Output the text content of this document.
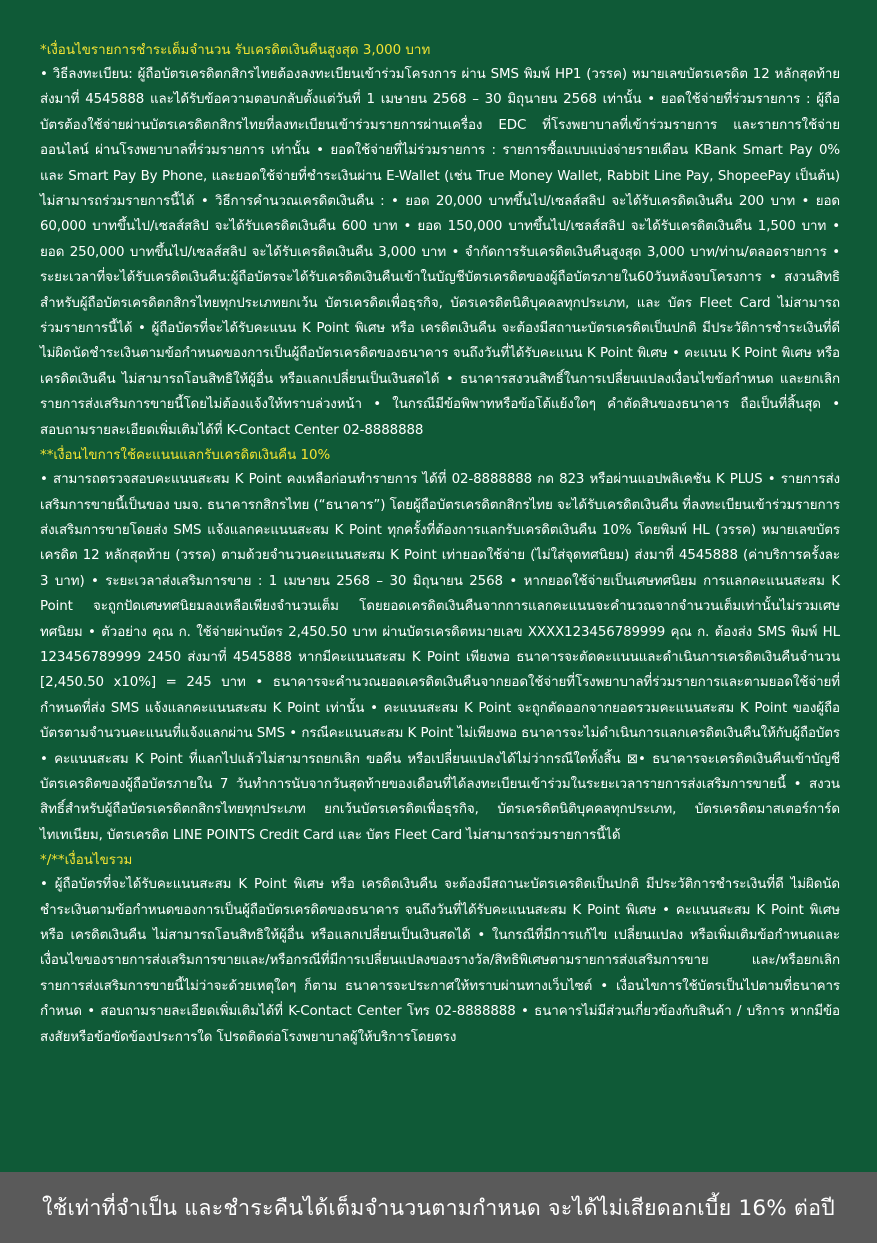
*เงื่อนไขรายการชำระเต็มจำนวน รับเครดิตเงินคืนสูงสุด 3,000 บาท

• วิธีลงทะเบียน: ผู้ถือบัตรเครดิตกสิกรไทยต้องลงทะเบียนเข้าร่วมโครงการ ผ่าน SMS พิมพ์ HP1 (วรรค) หมายเลขบัตรเครดิต 12 หลักสุดท้าย ส่งมาที่ 4545888 และได้รับข้อความตอบกลับตั้งแต่วันที่ 1 เมษายน 2568 – 30 มิถุนายน 2568 เท่านั้น • ยอดใช้จ่ายที่ร่วมรายการ : ผู้ถือบัตรต้องใช้จ่ายผ่านบัตรเครดิตกสิกรไทยที่ลงทะเบียนเข้าร่วมรายการผ่านเครื่อง EDC ที่โรงพยาบาลที่เข้าร่วมรายการ และรายการใช้จ่ายออนไลน์ ผ่านโรงพยาบาลที่ร่วมรายการ เท่านั้น • ยอดใช้จ่ายที่ไม่ร่วมรายการ : รายการซื้อแบบแบ่งจ่ายรายเดือน KBank Smart Pay 0% และ Smart Pay By Phone, และยอดใช้จ่ายที่ชำระเงินผ่าน E-Wallet (เช่น True Money Wallet, Rabbit Line Pay, ShopeePay เป็นต้น) ไม่สามารถร่วมรายการนี้ได้ • วิธีการคำนวณเครดิตเงินคืน : • ยอด 20,000 บาทขึ้นไป/เซลส์สลิป จะได้รับเครดิตเงินคืน 200 บาท • ยอด 60,000 บาทขึ้นไป/เซลส์สลิป จะได้รับเครดิตเงินคืน 600 บาท • ยอด 150,000 บาทขึ้นไป/เซลส์สลิป จะได้รับเครดิตเงินคืน 1,500 บาท • ยอด 250,000 บาทขึ้นไป/เซลส์สลิป จะได้รับเครดิตเงินคืน 3,000 บาท • จำกัดการรับเครดิตเงินคืนสูงสุด 3,000 บาท/ท่าน/ตลอดรายการ • ระยะเวลาที่จะได้รับเครดิตเงินคืน:ผู้ถือบัตรจะได้รับเครดิตเงินคืนเข้าในบัญชีบัตรเครดิตของผู้ถือบัตรภายใน60วันหลังจบโครงการ • สงวนสิทธิสำหรับผู้ถือบัตรเครดิตกสิกรไทยทุกประเภทยกเว้น บัตรเครดิตเพื่อธุรกิจ, บัตรเครดิตนิติบุคคลทุกประเภท, และ บัตร Fleet Card ไม่สามารถร่วมรายการนี้ได้ • ผู้ถือบัตรที่จะได้รับคะแนน K Point พิเศษ หรือ เครดิตเงินคืน จะต้องมีสถานะบัตรเครดิตเป็นปกติ มีประวัติการชำระเงินที่ดี ไม่ผิดนัดชำระเงินตามข้อกำหนดของการเป็นผู้ถือบัตรเครดิตของธนาคาร จนถึงวันที่ได้รับคะแนน K Point พิเศษ • คะแนน K Point พิเศษ หรือ เครดิตเงินคืน ไม่สามารถโอนสิทธิให้ผู้อื่น หรือแลกเปลี่ยนเป็นเงินสดได้ • ธนาคารสงวนสิทธิ์ในการเปลี่ยนแปลงเงื่อนไขข้อกำหนด และยกเลิกรายการส่งเสริมการขายนี้โดยไม่ต้องแจ้งให้ทราบล่วงหน้า • ในกรณีมีข้อพิพาทหรือข้อโต้แย้งใดๆ คำตัดสินของธนาคาร ถือเป็นที่สิ้นสุด • สอบถามรายละเอียดเพิ่มเติมได้ที่ K-Contact Center 02-8888888

**เงื่อนไขการใช้คะแนนแลกรับเครดิตเงินคืน 10%

• สามารถตรวจสอบคะแนนสะสม K Point คงเหลือก่อนทำรายการ ได้ที่ 02-8888888 กด 823 หรือผ่านแอปพลิเคชัน K PLUS • รายการส่งเสริมการขายนี้เป็นของ บมจ. ธนาคารกสิกรไทย (“ธนาคาร”) โดยผู้ถือบัตรเครดิตกสิกรไทย จะได้รับเครดิตเงินคืน ที่ลงทะเบียนเข้าร่วมรายการส่งเสริมการขายโดยส่ง SMS แจ้งแลกคะแนนสะสม K Point ทุกครั้งที่ต้องการแลกรับเครดิตเงินคืน 10% โดยพิมพ์ HL (วรรค) หมายเลขบัตรเครดิต 12 หลักสุดท้าย (วรรค) ตามด้วยจำนวนคะแนนสะสม K Point เท่ายอดใช้จ่าย (ไม่ใส่จุดทศนิยม) ส่งมาที่ 4545888 (ค่าบริการครั้งละ 3 บาท) • ระยะเวลาส่งเสริมการขาย : 1 เมษายน 2568 – 30 มิถุนายน 2568 • หากยอดใช้จ่ายเป็นเศษทศนิยม การแลกคะแนนสะสม K Point จะถูกปัดเศษทศนิยมลงเหลือเพียงจำนวนเต็ม โดยยอดเครดิตเงินคืนจากการแลกคะแนนจะคำนวณจากจำนวนเต็มเท่านั้นไม่รวมเศษทศนิยม • ตัวอย่าง คุณ ก. ใช้จ่ายผ่านบัตร 2,450.50 บาท ผ่านบัตรเครดิตหมายเลข XXXX123456789999 คุณ ก. ต้องส่ง SMS พิมพ์ HL 123456789999 2450 ส่งมาที่ 4545888 หากมีคะแนนสะสม K Point เพียงพอ ธนาคารจะตัดคะแนนและดำเนินการเครดิตเงินคืนจำนวน [2,450.50 x10%] = 245 บาท • ธนาคารจะคำนวณยอดเครดิตเงินคืนจากยอดใช้จ่ายที่โรงพยาบาลที่ร่วมรายการและตามยอดใช้จ่ายที่กำหนดที่ส่ง SMS แจ้งแลกคะแนนสะสม K Point เท่านั้น • คะแนนสะสม K Point จะถูกตัดออกจากยอดรวมคะแนนสะสม K Point ของผู้ถือบัตรตามจำนวนคะแนนที่แจ้งแลกผ่าน SMS • กรณีคะแนนสะสม K Point ไม่เพียงพอ ธนาคารจะไม่ดำเนินการแลกเครดิตเงินคืนให้กับผู้ถือบัตร • คะแนนสะสม K Point ที่แลกไปแล้วไม่สามารถยกเลิก ขอคืน หรือเปลี่ยนแปลงได้ไม่ว่ากรณีใดทั้งสิ้น ⊠• ธนาคารจะเครดิตเงินคืนเข้าบัญชีบัตรเครดิตของผู้ถือบัตรภายใน 7 วันทำการนับจากวันสุดท้ายของเดือนที่ได้ลงทะเบียนเข้าร่วมในระยะเวลารายการส่งเสริมการขายนี้ • สงวนสิทธิ์สำหรับผู้ถือบัตรเครดิตกสิกรไทยทุกประเภท ยกเว้นบัตรเครดิตเพื่อธุรกิจ, บัตรเครดิตนิติบุคคลทุกประเภท, บัตรเครดิตมาสเตอร์การ์ดไทเทเนียม, บัตรเครดิต LINE POINTS Credit Card และ บัตร Fleet Card ไม่สามารถร่วมรายการนี้ได้

*/**เงื่อนไขรวม

• ผู้ถือบัตรที่จะได้รับคะแนนสะสม K Point พิเศษ หรือ เครดิตเงินคืน จะต้องมีสถานะบัตรเครดิตเป็นปกติ มีประวัติการชำระเงินที่ดี ไม่ผิดนัดชำระเงินตามข้อกำหนดของการเป็นผู้ถือบัตรเครดิตของธนาคาร จนถึงวันที่ได้รับคะแนนสะสม K Point พิเศษ • คะแนนสะสม K Point พิเศษ หรือ เครดิตเงินคืน ไม่สามารถโอนสิทธิให้ผู้อื่น หรือแลกเปลี่ยนเป็นเงินสดได้ • ในกรณีที่มีการแก้ไข เปลี่ยนแปลง หรือเพิ่มเติมข้อกำหนดและเงื่อนไขของรายการส่งเสริมการขายและ/หรือกรณีที่มีการเปลี่ยนแปลงของรางวัล/สิทธิพิเศษตามรายการส่งเสริมการขาย และ/หรือยกเลิกรายการส่งเสริมการขายนี้ไม่ว่าจะด้วยเหตุใดๆ ก็ตาม ธนาคารจะประกาศให้ทราบผ่านทางเว็บไซต์ • เงื่อนไขการใช้บัตรเป็นไปตามที่ธนาคารกำหนด • สอบถามรายละเอียดเพิ่มเติมได้ที่ K-Contact Center โทร 02-8888888 • ธนาคารไม่มีส่วนเกี่ยวข้องกับสินค้า / บริการ หากมีข้อสงสัยหรือข้อขัดข้องประการใด โปรดติดต่อโรงพยาบาลผู้ให้บริการโดยตรง

ใช้เท่าที่จำเป็น และชำระคืนได้เต็มจำนวนตามกำหนด จะได้ไม่เสียดอกเบี้ย 16% ต่อปี
